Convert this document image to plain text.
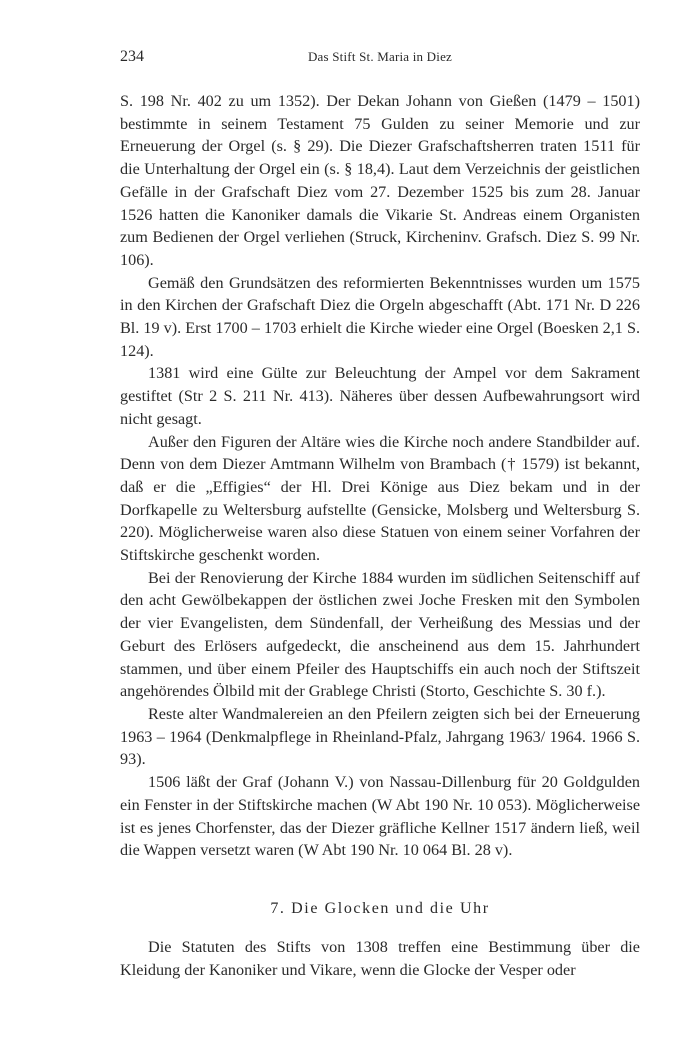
234	Das Stift St. Maria in Diez

S. 198 Nr. 402 zu um 1352). Der Dekan Johann von Gießen (1479 – 1501) bestimmte in seinem Testament 75 Gulden zu seiner Memorie und zur Erneuerung der Orgel (s. § 29). Die Diezer Grafschaftsherren traten 1511 für die Unterhaltung der Orgel ein (s. § 18,4). Laut dem Verzeichnis der geistlichen Gefälle in der Grafschaft Diez vom 27. Dezember 1525 bis zum 28. Januar 1526 hatten die Kanoniker damals die Vikarie St. Andreas einem Organisten zum Bedienen der Orgel verliehen (Struck, Kircheninv. Grafsch. Diez S. 99 Nr. 106).

Gemäß den Grundsätzen des reformierten Bekenntnisses wurden um 1575 in den Kirchen der Grafschaft Diez die Orgeln abgeschafft (Abt. 171 Nr. D 226 Bl. 19 v). Erst 1700 – 1703 erhielt die Kirche wieder eine Orgel (Boesken 2,1 S. 124).

1381 wird eine Gülte zur Beleuchtung der Ampel vor dem Sakrament gestiftet (Str 2 S. 211 Nr. 413). Näheres über dessen Aufbewahrungsort wird nicht gesagt.

Außer den Figuren der Altäre wies die Kirche noch andere Standbilder auf. Denn von dem Diezer Amtmann Wilhelm von Brambach († 1579) ist bekannt, daß er die „Effigies“ der Hl. Drei Könige aus Diez bekam und in der Dorfkapelle zu Weltersburg aufstellte (Gensicke, Molsberg und Weltersburg S. 220). Möglicherweise waren also diese Statuen von einem seiner Vorfahren der Stiftskirche geschenkt worden.

Bei der Renovierung der Kirche 1884 wurden im südlichen Seitenschiff auf den acht Gewölbekappen der östlichen zwei Joche Fresken mit den Symbolen der vier Evangelisten, dem Sündenfall, der Verheißung des Messias und der Geburt des Erlösers aufgedeckt, die anscheinend aus dem 15. Jahrhundert stammen, und über einem Pfeiler des Hauptschiffs ein auch noch der Stiftszeit angehörendes Ölbild mit der Grablege Christi (Storto, Geschichte S. 30 f.).

Reste alter Wandmalereien an den Pfeilern zeigten sich bei der Erneuerung 1963 – 1964 (Denkmalpflege in Rheinland-Pfalz, Jahrgang 1963/ 1964. 1966 S. 93).

1506 läßt der Graf (Johann V.) von Nassau-Dillenburg für 20 Goldgulden ein Fenster in der Stiftskirche machen (W Abt 190 Nr. 10 053). Möglicherweise ist es jenes Chorfenster, das der Diezer gräfliche Kellner 1517 ändern ließ, weil die Wappen versetzt waren (W Abt 190 Nr. 10 064 Bl. 28 v).

7. Die Glocken und die Uhr

Die Statuten des Stifts von 1308 treffen eine Bestimmung über die Kleidung der Kanoniker und Vikare, wenn die Glocke der Vesper oder
